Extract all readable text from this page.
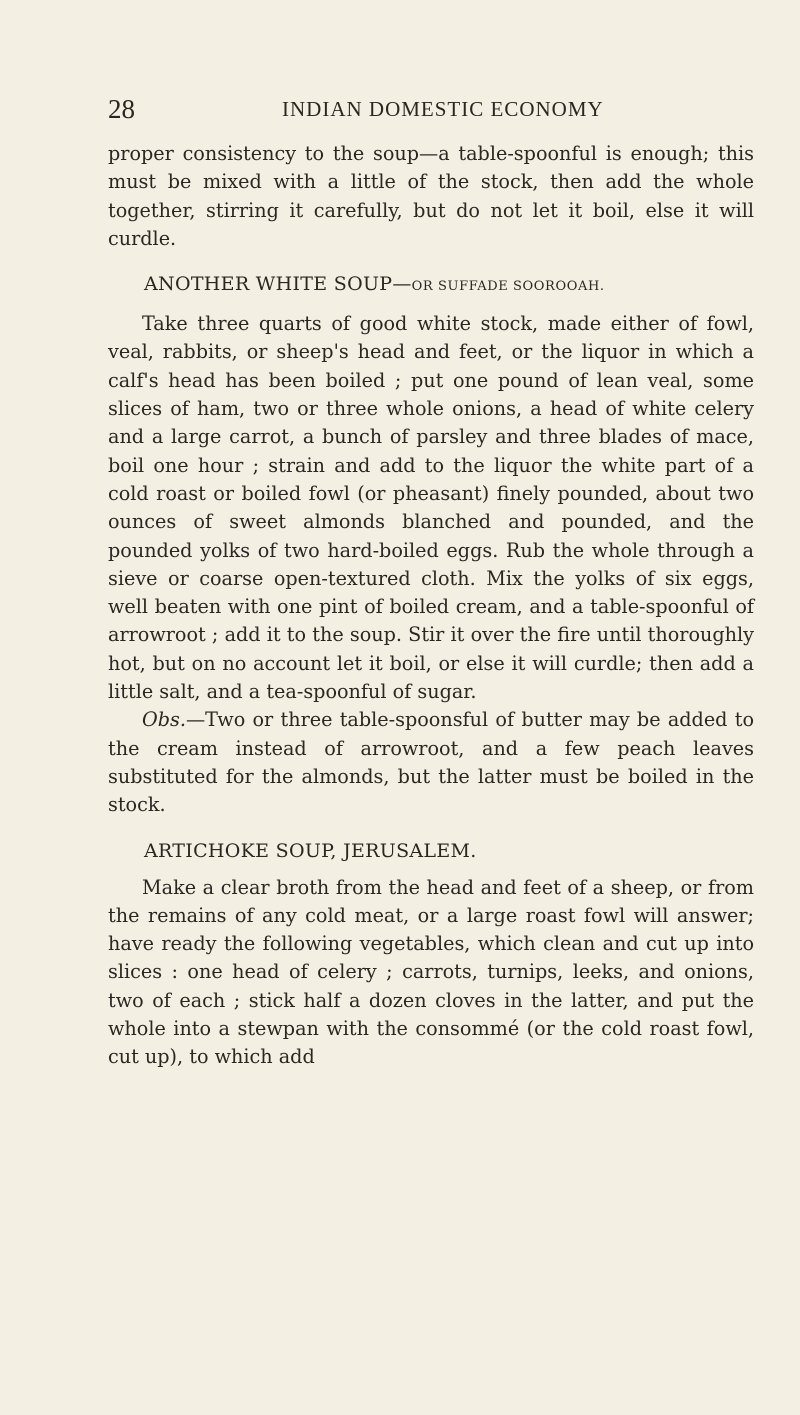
28	INDIAN DOMESTIC ECONOMY

proper consistency to the soup—a table-spoonful is enough; this must be mixed with a little of the stock, then add the whole together, stirring it carefully, but do not let it boil, else it will curdle.

ANOTHER WHITE SOUP—OR SUFFADE SOOROOAH.

Take three quarts of good white stock, made either of fowl, veal, rabbits, or sheep's head and feet, or the liquor in which a calf's head has been boiled ; put one pound of lean veal, some slices of ham, two or three whole onions, a head of white celery and a large carrot, a bunch of parsley and three blades of mace, boil one hour ; strain and add to the liquor the white part of a cold roast or boiled fowl (or pheasant) finely pounded, about two ounces of sweet almonds blanched and pounded, and the pounded yolks of two hard-boiled eggs. Rub the whole through a sieve or coarse open-textured cloth. Mix the yolks of six eggs, well beaten with one pint of boiled cream, and a table-spoonful of arrowroot ; add it to the soup. Stir it over the fire until thoroughly hot, but on no account let it boil, or else it will curdle; then add a little salt, and a tea-spoonful of sugar.

Obs.—Two or three table-spoonsful of butter may be added to the cream instead of arrowroot, and a few peach leaves substituted for the almonds, but the latter must be boiled in the stock.

ARTICHOKE SOUP, JERUSALEM.

Make a clear broth from the head and feet of a sheep, or from the remains of any cold meat, or a large roast fowl will answer; have ready the following vegetables, which clean and cut up into slices : one head of celery ; carrots, turnips, leeks, and onions, two of each ; stick half a dozen cloves in the latter, and put the whole into a stewpan with the consommé (or the cold roast fowl, cut up), to which add
